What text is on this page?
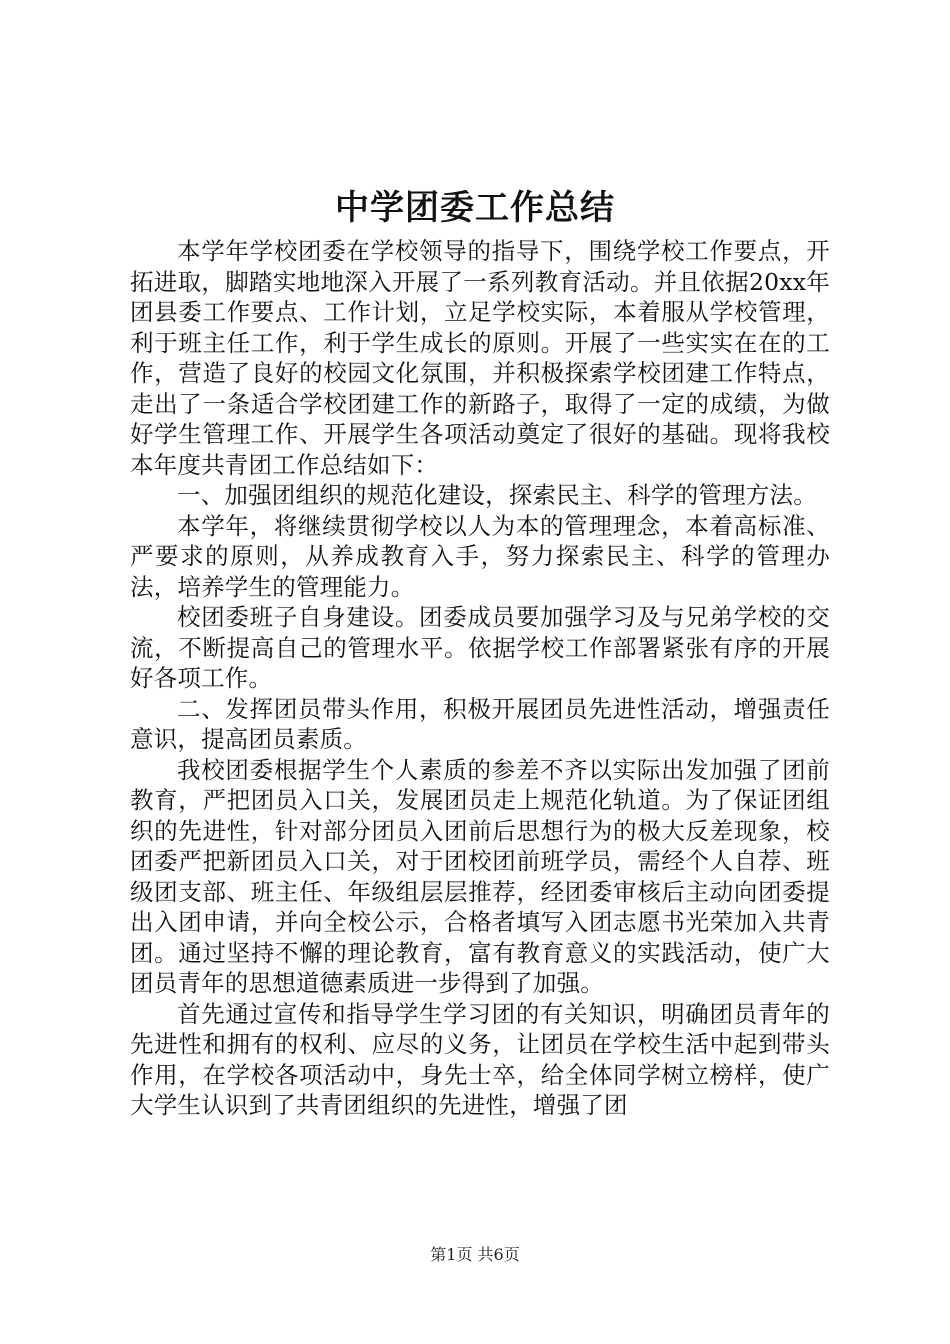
中学团委工作总结

本学年学校团委在学校领导的指导下，围绕学校工作要点，开拓进取，脚踏实地地深入开展了一系列教育活动。并且依据20xx年团县委工作要点、工作计划，立足学校实际，本着服从学校管理，利于班主任工作，利于学生成长的原则。开展了一些实实在在的工作，营造了良好的校园文化氛围，并积极探索学校团建工作特点，走出了一条适合学校团建工作的新路子，取得了一定的成绩，为做好学生管理工作、开展学生各项活动奠定了很好的基础。现将我校本年度共青团工作总结如下：

一、加强团组织的规范化建设，探索民主、科学的管理方法。

本学年，将继续贯彻学校以人为本的管理理念，本着高标准、严要求的原则，从养成教育入手，努力探索民主、科学的管理办法，培养学生的管理能力。

校团委班子自身建设。团委成员要加强学习及与兄弟学校的交流，不断提高自己的管理水平。依据学校工作部署紧张有序的开展好各项工作。

二、发挥团员带头作用，积极开展团员先进性活动，增强责任意识，提高团员素质。

我校团委根据学生个人素质的参差不齐以实际出发加强了团前教育，严把团员入口关，发展团员走上规范化轨道。为了保证团组织的先进性，针对部分团员入团前后思想行为的极大反差现象，校团委严把新团员入口关，对于团校团前班学员，需经个人自荐、班级团支部、班主任、年级组层层推荐，经团委审核后主动向团委提出入团申请，并向全校公示，合格者填写入团志愿书光荣加入共青团。通过坚持不懈的理论教育，富有教育意义的实践活动，使广大团员青年的思想道德素质进一步得到了加强。

首先通过宣传和指导学生学习团的有关知识，明确团员青年的先进性和拥有的权利、应尽的义务，让团员在学校生活中起到带头作用，在学校各项活动中，身先士卒，给全体同学树立榜样，使广大学生认识到了共青团组织的先进性，增强了团

第1页 共6页
